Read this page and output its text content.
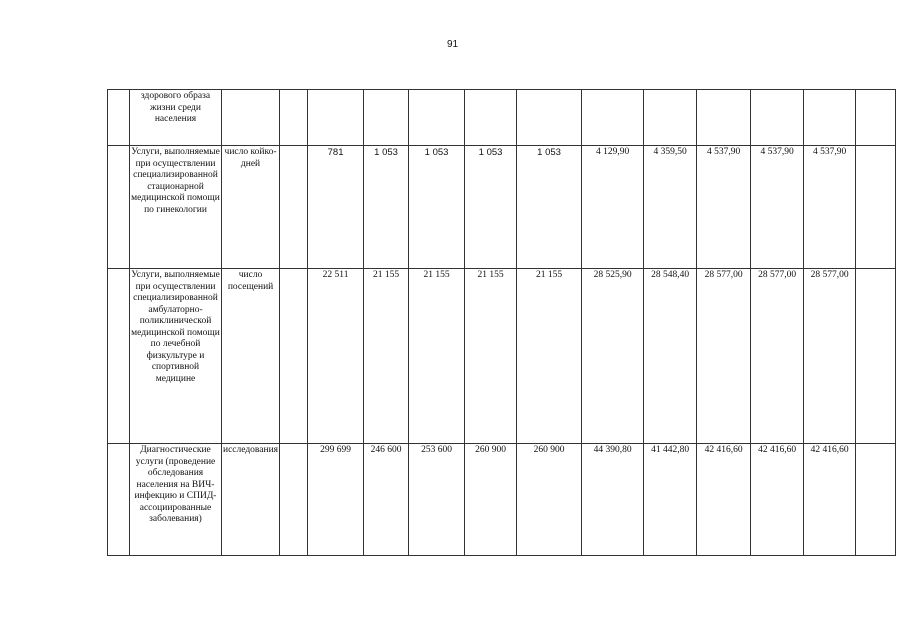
91
	здорового образа жизни среди населения													
	Услуги, выполняемые при осуществлении специализированной стационарной медицинской помощи по гинекологии	число койко-дней		781	1 053	1 053	1 053	1 053	4 129,90	4 359,50	4 537,90	4 537,90	4 537,90	
	Услуги, выполняемые при осуществлении специализированной амбулаторно-поликлинической медицинской помощи по лечебной физкультуре и спортивной медицине	число посещений		22 511	21 155	21 155	21 155	21 155	28 525,90	28 548,40	28 577,00	28 577,00	28 577,00	
	Диагностические услуги (проведение обследования населения на ВИЧ-инфекцию и СПИД-ассоциированные заболевания)	исследования		299 699	246 600	253 600	260 900	260 900	44 390,80	41 442,80	42 416,60	42 416,60	42 416,60	
